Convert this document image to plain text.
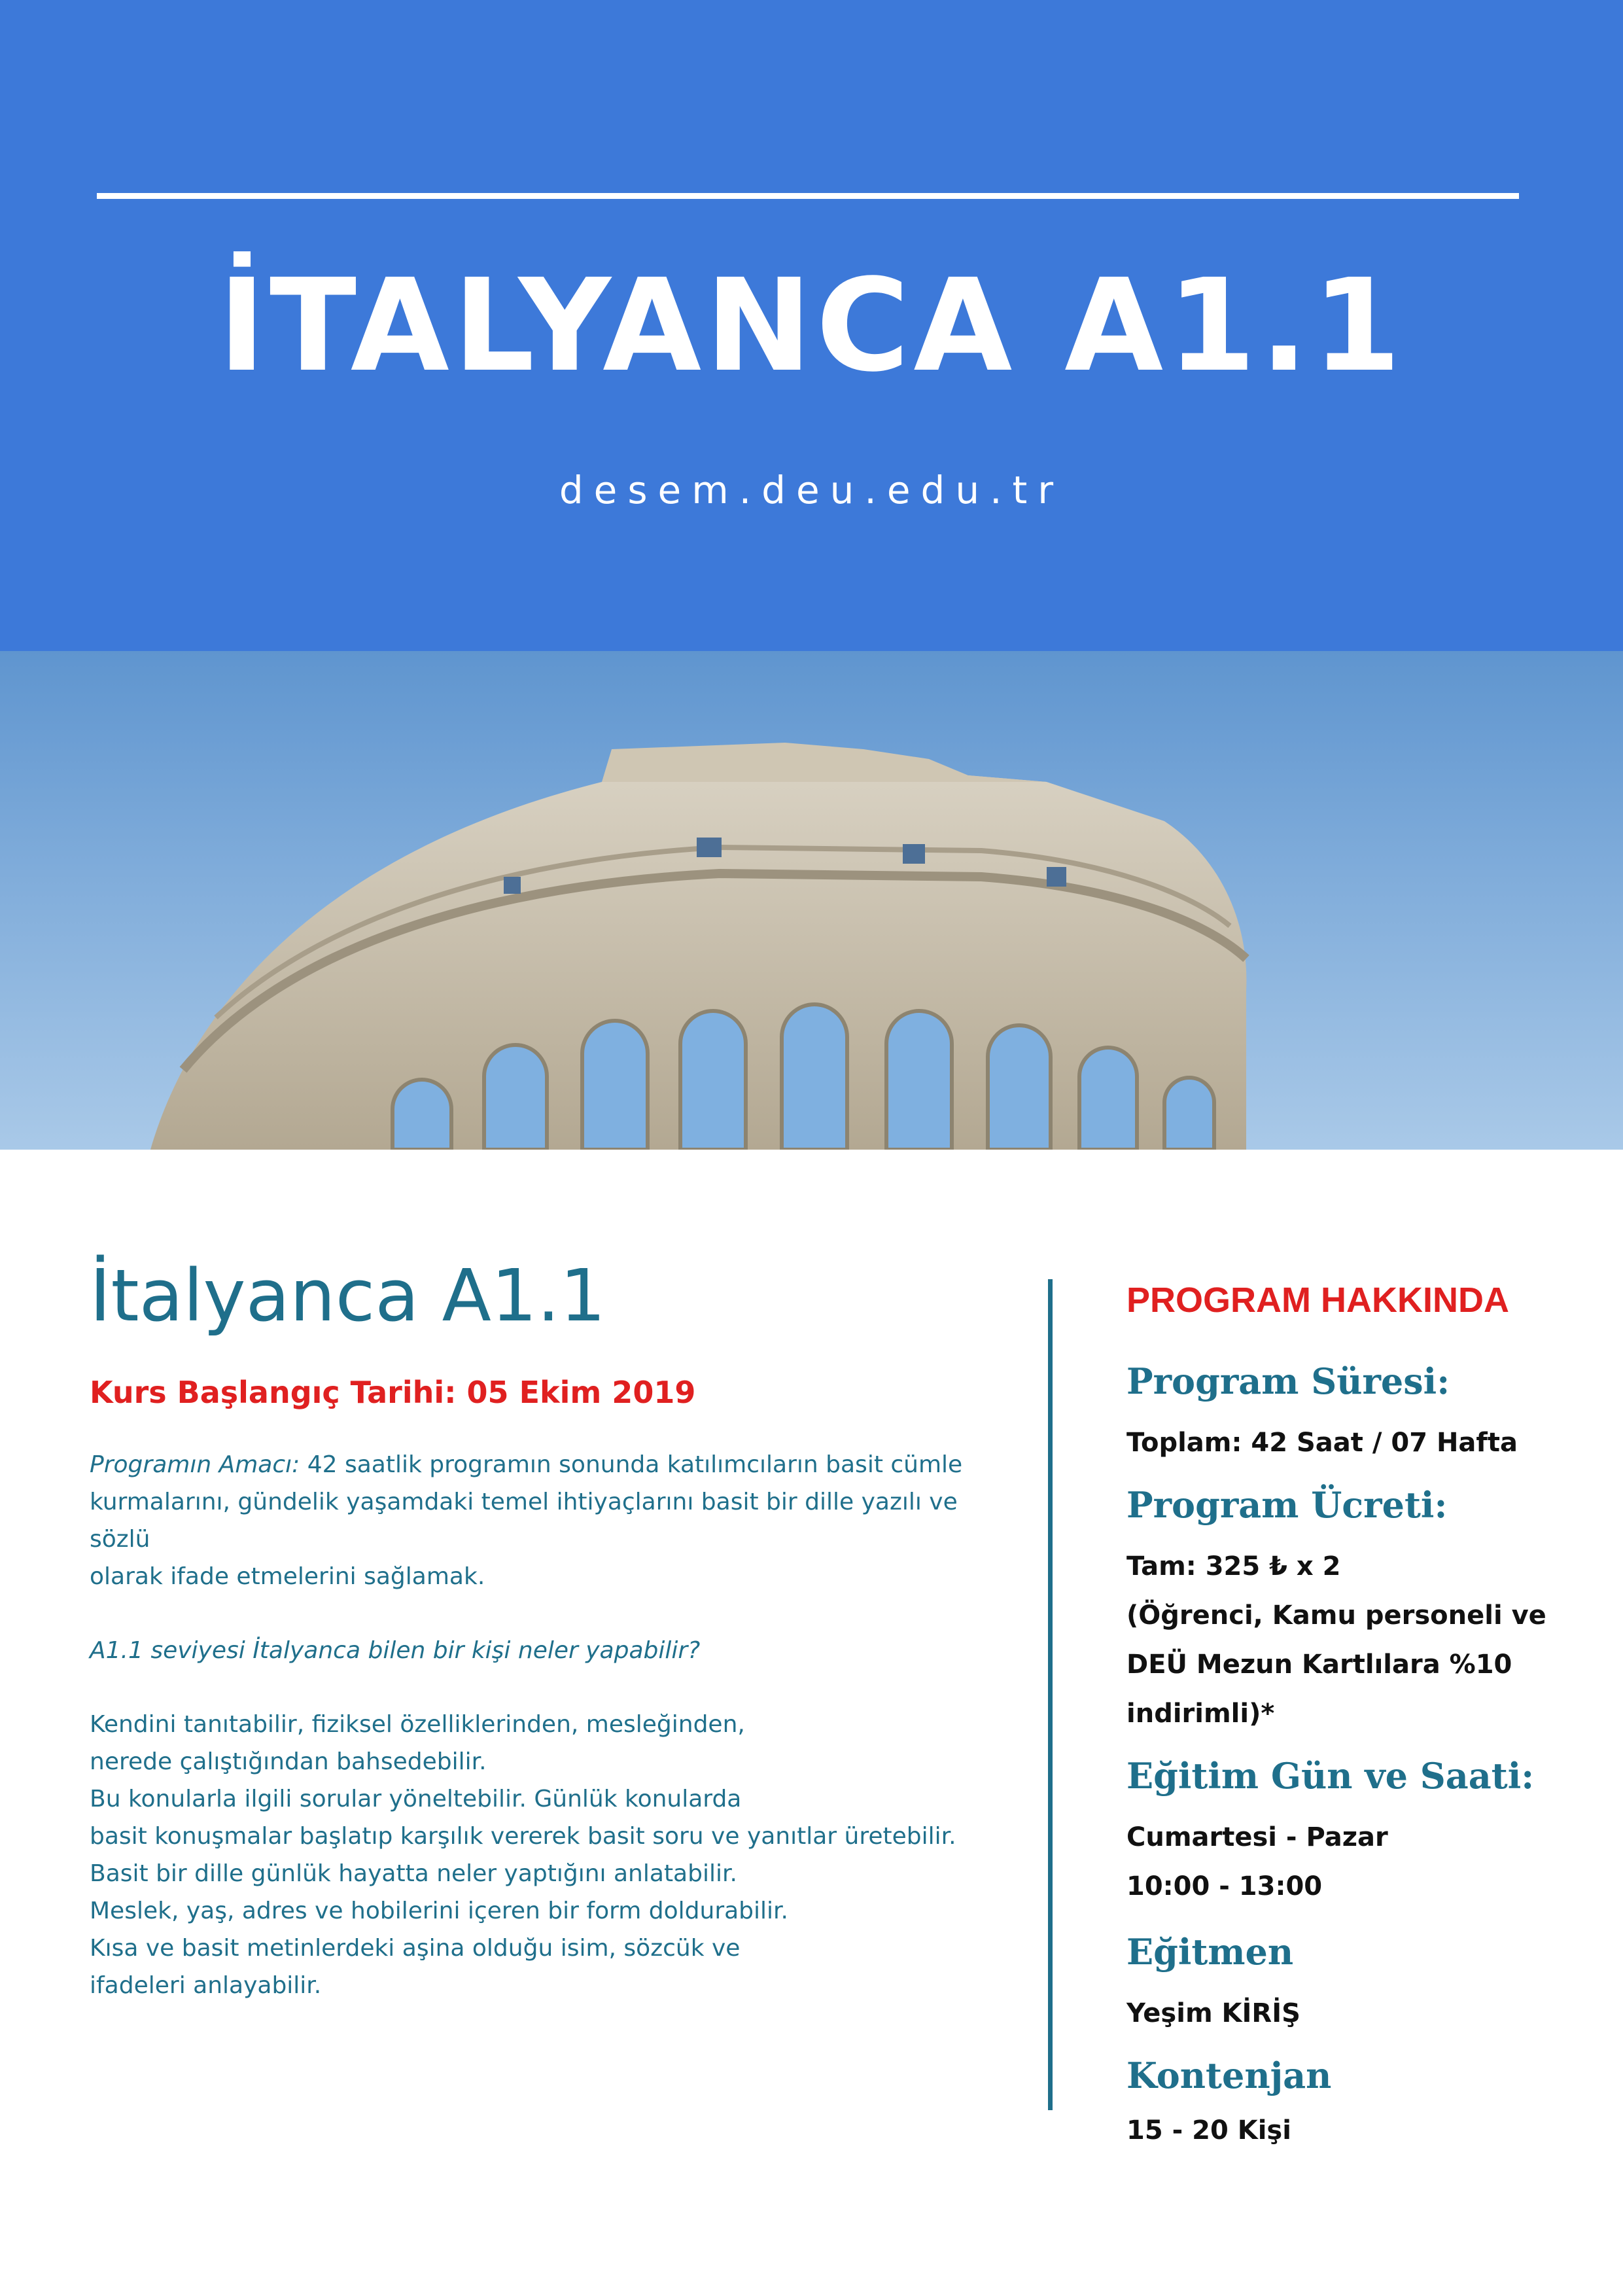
İTALYANCA A1.1
desem.deu.edu.tr
İtalyanca A1.1
Kurs Başlangıç Tarihi: 05 Ekim 2019
Programın Amacı: 42 saatlik programın sonunda katılımcıların basit cümle
kurmalarını, gündelik yaşamdaki temel ihtiyaçlarını basit bir dille yazılı ve sözlü
olarak ifade etmelerini sağlamak.
A1.1 seviyesi İtalyanca bilen bir kişi neler yapabilir?
Kendini tanıtabilir, fiziksel özelliklerinden, mesleğinden,
nerede çalıştığından bahsedebilir.
Bu konularla ilgili sorular yöneltebilir. Günlük konularda
basit konuşmalar başlatıp karşılık vererek basit soru ve yanıtlar üretebilir.
Basit bir dille günlük hayatta neler yaptığını anlatabilir.
Meslek, yaş, adres ve hobilerini içeren bir form doldurabilir.
Kısa ve basit metinlerdeki aşina olduğu isim, sözcük ve
ifadeleri anlayabilir.
PROGRAM HAKKINDA
Program Süresi:
Toplam: 42 Saat / 07 Hafta
Program Ücreti:
Tam: 325 ₺ x 2
(Öğrenci, Kamu personeli ve
DEÜ Mezun Kartlılara %10
indirimli)*
Eğitim Gün ve Saati:
Cumartesi - Pazar
10:00 - 13:00
Eğitmen
Yeşim KİRİŞ
Kontenjan
15 - 20 Kişi
